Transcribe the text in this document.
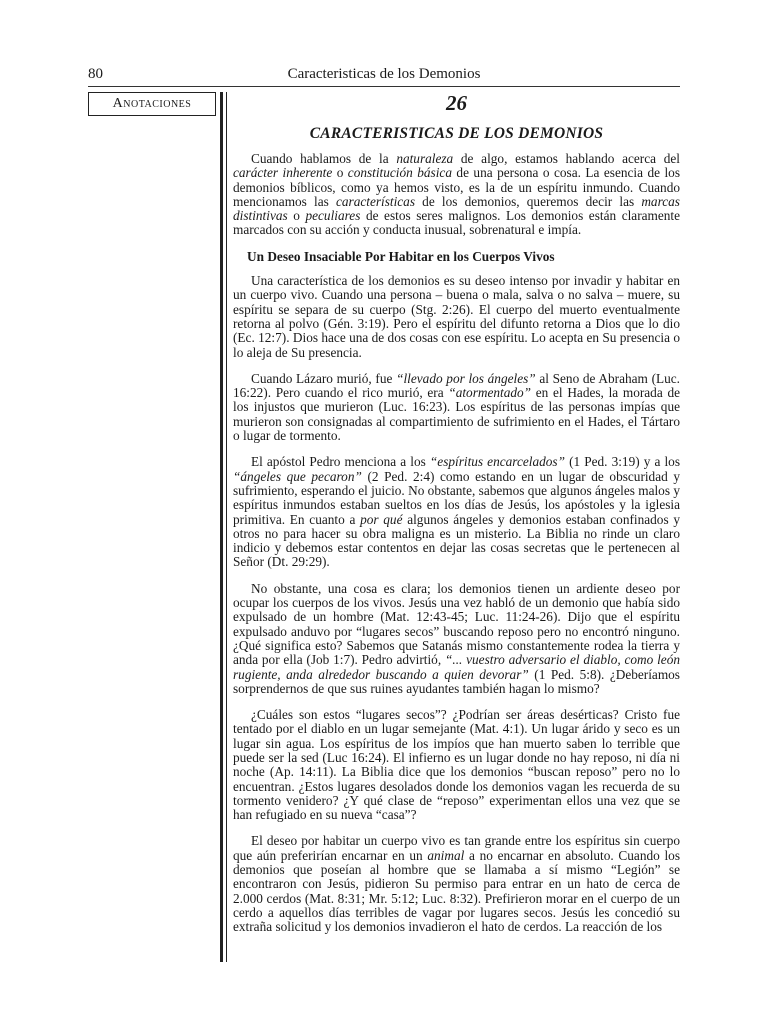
80	Caracteristicas de los Demonios
Anotaciones	26
CARACTERISTICAS DE LOS DEMONIOS

Cuando hablamos de la naturaleza de algo, estamos hablando acerca del carácter inherente o constitución básica de una persona o cosa. La esencia de los demonios bíblicos, como ya hemos visto, es la de un espíritu inmundo. Cuando mencionamos las características de los demonios, queremos decir las marcas distintivas o peculiares de estos seres malignos. Los demonios están claramente marcados con su acción y conducta inusual, sobrenatural e impía.

Un Deseo Insaciable Por Habitar en los Cuerpos Vivos

Una característica de los demonios es su deseo intenso por invadir y habitar en un cuerpo vivo. Cuando una persona – buena o mala, salva o no salva – muere, su espíritu se separa de su cuerpo (Stg. 2:26). El cuerpo del muerto eventualmente retorna al polvo (Gén. 3:19). Pero el espíritu del difunto retorna a Dios que lo dio (Ec. 12:7). Dios hace una de dos cosas con ese espíritu. Lo acepta en Su presencia o lo aleja de Su presencia.

Cuando Lázaro murió, fue “llevado por los ángeles” al Seno de Abraham (Luc. 16:22). Pero cuando el rico murió, era “atormentado” en el Hades, la morada de los injustos que murieron (Luc. 16:23). Los espíritus de las personas impías que murieron son consignadas al compartimiento de sufrimiento en el Hades, el Tártaro o lugar de tormento.

El apóstol Pedro menciona a los “espíritus encarcelados” (1 Ped. 3:19) y a los “ángeles que pecaron” (2 Ped. 2:4) como estando en un lugar de obscuridad y sufrimiento, esperando el juicio. No obstante, sabemos que algunos ángeles malos y espíritus inmundos estaban sueltos en los días de Jesús, los apóstoles y la iglesia primitiva. En cuanto a por qué algunos ángeles y demonios estaban confinados y otros no para hacer su obra maligna es un misterio. La Biblia no rinde un claro indicio y debemos estar contentos en dejar las cosas secretas que le pertenecen al Señor (Dt. 29:29).

No obstante, una cosa es clara; los demonios tienen un ardiente deseo por ocupar los cuerpos de los vivos. Jesús una vez habló de un demonio que había sido expulsado de un hombre (Mat. 12:43-45; Luc. 11:24-26). Dijo que el espíritu expulsado anduvo por “lugares secos” buscando reposo pero no encontró ninguno. ¿Qué significa esto? Sabemos que Satanás mismo constantemente rodea la tierra y anda por ella (Job 1:7). Pedro advirtió, “... vuestro adversario el diablo, como león rugiente, anda alrededor buscando a quien devorar” (1 Ped. 5:8). ¿Deberíamos sorprendernos de que sus ruines ayudantes también hagan lo mismo?

¿Cuáles son estos “lugares secos”? ¿Podrían ser áreas desérticas? Cristo fue tentado por el diablo en un lugar semejante (Mat. 4:1). Un lugar árido y seco es un lugar sin agua. Los espíritus de los impíos que han muerto saben lo terrible que puede ser la sed (Luc 16:24). El infierno es un lugar donde no hay reposo, ni día ni noche (Ap. 14:11). La Biblia dice que los demonios “buscan reposo” pero no lo encuentran. ¿Estos lugares desolados donde los demonios vagan les recuerda de su tormento venidero? ¿Y qué clase de “reposo” experimentan ellos una vez que se han refugiado en su nueva “casa”?

El deseo por habitar un cuerpo vivo es tan grande entre los espíritus sin cuerpo que aún preferirían encarnar en un animal a no encarnar en absoluto. Cuando los demonios que poseían al hombre que se llamaba a sí mismo “Legión” se encontraron con Jesús, pidieron Su permiso para entrar en un hato de cerca de 2.000 cerdos (Mat. 8:31; Mr. 5:12; Luc. 8:32). Prefirieron morar en el cuerpo de un cerdo a aquellos días terribles de vagar por lugares secos. Jesús les concedió su extraña solicitud y los demonios invadieron el hato de cerdos. La reacción de los
